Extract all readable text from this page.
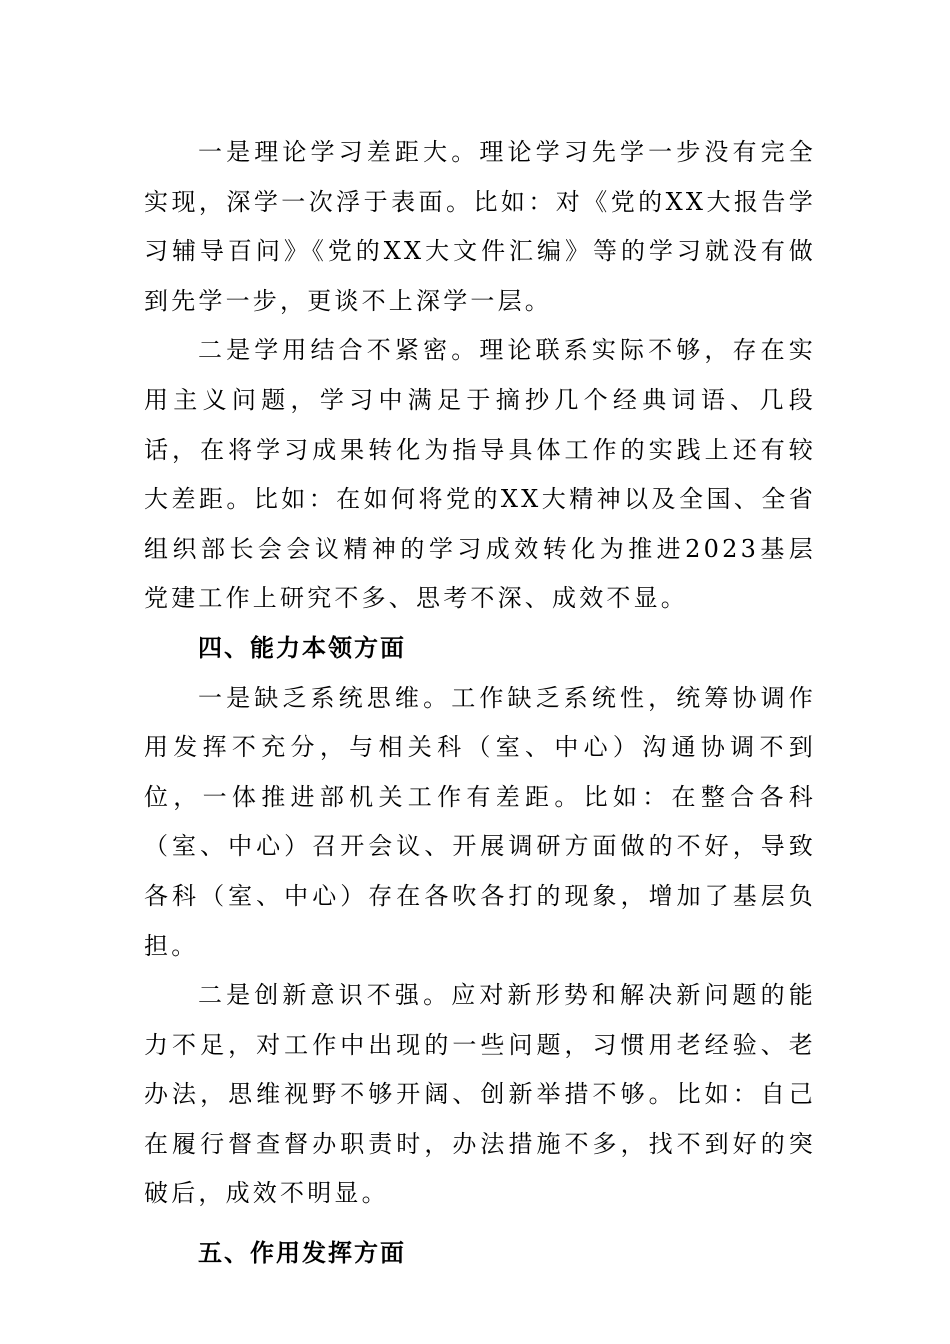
一是理论学习差距大。理论学习先学一步没有完全实现，深学一次浮于表面。比如：对《党的XX大报告学习辅导百问》《党的XX大文件汇编》等的学习就没有做到先学一步，更谈不上深学一层。

二是学用结合不紧密。理论联系实际不够，存在实用主义问题，学习中满足于摘抄几个经典词语、几段话，在将学习成果转化为指导具体工作的实践上还有较大差距。比如：在如何将党的XX大精神以及全国、全省组织部长会会议精神的学习成效转化为推进2023基层党建工作上研究不多、思考不深、成效不显。

四、能力本领方面

一是缺乏系统思维。工作缺乏系统性，统筹协调作用发挥不充分，与相关科（室、中心）沟通协调不到位，一体推进部机关工作有差距。比如：在整合各科（室、中心）召开会议、开展调研方面做的不好，导致各科（室、中心）存在各吹各打的现象，增加了基层负担。

二是创新意识不强。应对新形势和解决新问题的能力不足，对工作中出现的一些问题，习惯用老经验、老办法，思维视野不够开阔、创新举措不够。比如：自己在履行督查督办职责时，办法措施不多，找不到好的突破后，成效不明显。

五、作用发挥方面
